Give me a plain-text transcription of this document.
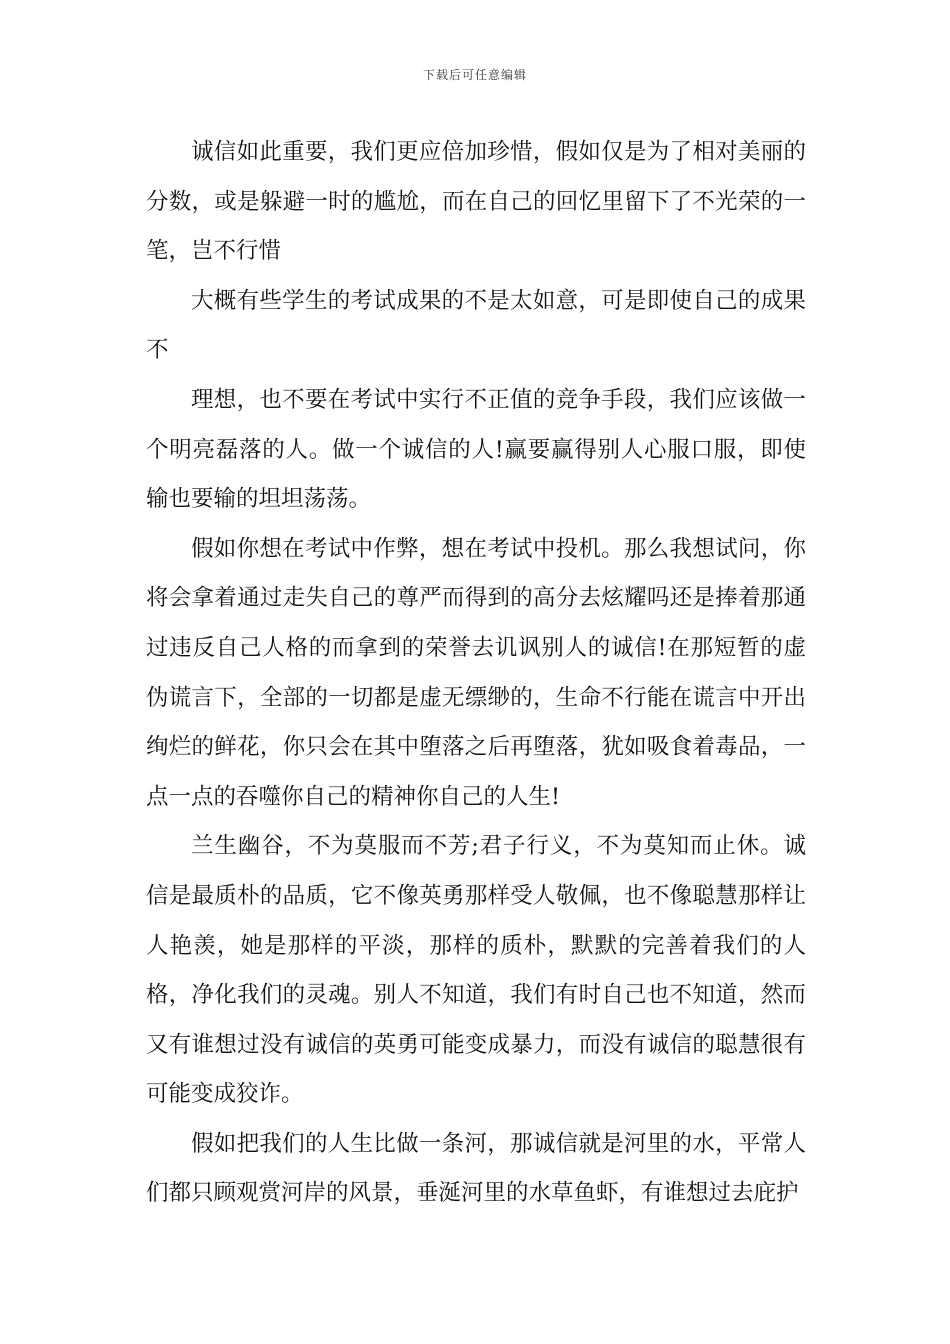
下载后可任意编辑

诚信如此重要，我们更应倍加珍惜，假如仅是为了相对美丽的分数，或是躲避一时的尴尬，而在自己的回忆里留下了不光荣的一笔，岂不行惜

大概有些学生的考试成果的不是太如意，可是即使自己的成果不

理想，也不要在考试中实行不正值的竞争手段，我们应该做一个明亮磊落的人。做一个诚信的人!赢要赢得别人心服口服，即使输也要输的坦坦荡荡。

假如你想在考试中作弊，想在考试中投机。那么我想试问，你将会拿着通过走失自己的尊严而得到的高分去炫耀吗还是捧着那通过违反自己人格的而拿到的荣誉去讥讽别人的诚信!在那短暂的虚伪谎言下，全部的一切都是虚无缥缈的，生命不行能在谎言中开出绚烂的鲜花，你只会在其中堕落之后再堕落，犹如吸食着毒品，一点一点的吞噬你自己的精神你自己的人生!

兰生幽谷，不为莫服而不芳;君子行义，不为莫知而止休。诚信是最质朴的品质，它不像英勇那样受人敬佩，也不像聪慧那样让人艳羡，她是那样的平淡，那样的质朴，默默的完善着我们的人格，净化我们的灵魂。别人不知道，我们有时自己也不知道，然而又有谁想过没有诚信的英勇可能变成暴力，而没有诚信的聪慧很有可能变成狡诈。

假如把我们的人生比做一条河，那诚信就是河里的水，平常人们都只顾观赏河岸的风景，垂涎河里的水草鱼虾，有谁想过去庇护
